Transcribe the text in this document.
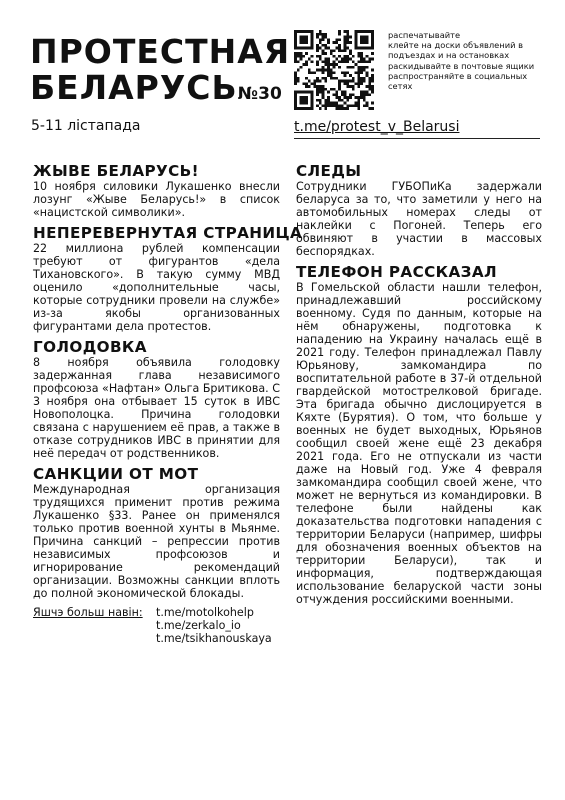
ПРОТЕСТНАЯ
БЕЛАРУСЬ№30
5-11 лістапада
распечатывайте
клейте на доски объявлений в подъездах и на остановках
раскидывайте в почтовые ящики
распространяйте в социальных сетях
t.me/protest_v_Belarusi
ЖЫВЕ БЕЛАРУСЬ!

10 ноября силовики Лукашенко внесли лозунг «Жыве Беларусь!» в список «нацистской символики».

НЕПЕРЕВЕРНУТАЯ СТРАНИЦА

22 миллиона рублей компенсации требуют от фигурантов «дела Тихановского». В такую сумму МВД оценило «дополнительные часы, которые сотрудники провели на службе» из-за якобы организованных фигурантами дела протестов.

ГОЛОДОВКА

8 ноября объявила голодовку задержанная глава независимого профсоюза «Нафтан» Ольга Бритикова. С 3 ноября она отбывает 15 суток в ИВС Новополоцка. Причина голодовки связана с нарушением её прав, а также в отказе сотрудников ИВС в принятии для неё передач от родственников.

САНКЦИИ ОТ МОТ

Международная организация трудящихся применит против режима Лукашенко §33. Ранее он применялся только против военной хунты в Мьянме. Причина санкций – репрессии против независимых профсоюзов и игнорирование рекомендаций организации. Возможны санкции вплоть до полной экономической блокады.

Яшчэ больш навін:	t.me/motolkohelp
t.me/zerkalo_io
t.me/tsikhanouskaya
СЛЕДЫ

Сотрудники ГУБОПиКа задержали беларуса за то, что заметили у него на автомобильных номерах следы от наклейки с Погоней. Теперь его обвиняют в участии в массовых беспорядках.

ТЕЛЕФОН РАССКАЗАЛ

В Гомельской области нашли телефон, принадлежавший российскому военному. Судя по данным, которые на нём обнаружены, подготовка к нападению на Украину началась ещё в 2021 году. Телефон принадлежал Павлу Юрьянову, замкомандира по воспитательной работе в 37-й отдельной гвардейской мотострелковой бригаде. Эта бригада обычно дислоцируется в Кяхте (Бурятия). О том, что больше у военных не будет выходных, Юрьянов сообщил своей жене ещё 23 декабря 2021 года. Его не отпускали из части даже на Новый год. Уже 4 февраля замкомандира сообщил своей жене, что может не вернуться из командировки. В телефоне были найдены как доказательства подготовки нападения с территории Беларуси (например, шифры для обозначения военных объектов на территории Беларуси), так и информация, подтверждающая использование беларуской части зоны отчуждения российскими военными.
